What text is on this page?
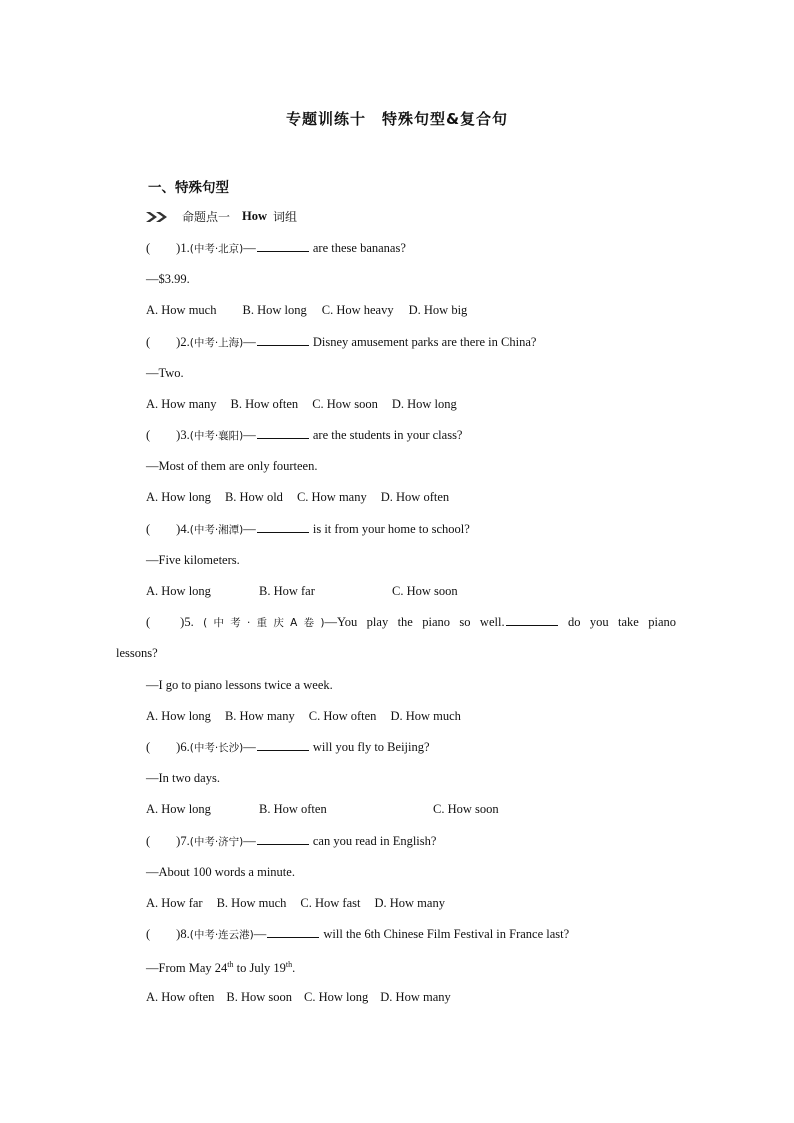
专题训练十　特殊句型&复合句
一、特殊句型
命题点一 How 词组
( )1.(中考·北京)—	are these bananas?
—$3.99.
A. How much B. How long C. How heavy D. How big
( )2.(中考·上海)—	Disney amusement parks are there in China?
—Two.
A. How many B. How often C. How soon D. How long
( )3.(中考·襄阳)—	are the students in your class?
—Most of them are only fourteen.
A. How long B. How old C. How many D. How often
( )4.(中考·湘潭)—	is it from your home to school?
—Five kilometers.
A. How long	B. How far	C. How soon
( )5. (中考·重庆A卷)—You play the piano so well.	do you take piano
lessons?
—I go to piano lessons twice a week.
A. How long B. How many C. How often D. How much
( )6.(中考·长沙)—	will you fly to Beijing?
—In two days.
A. How long	B. How often	C. How soon
( )7.(中考·济宁)—	can you read in English?
—About 100 words a minute.
A. How far B. How much C. How fast D. How many
( )8.(中考·连云港)—	will the 6th Chinese Film Festival in France last?
—From May 24th to July 19th.
A. How often B. How soon C. How long D. How many
